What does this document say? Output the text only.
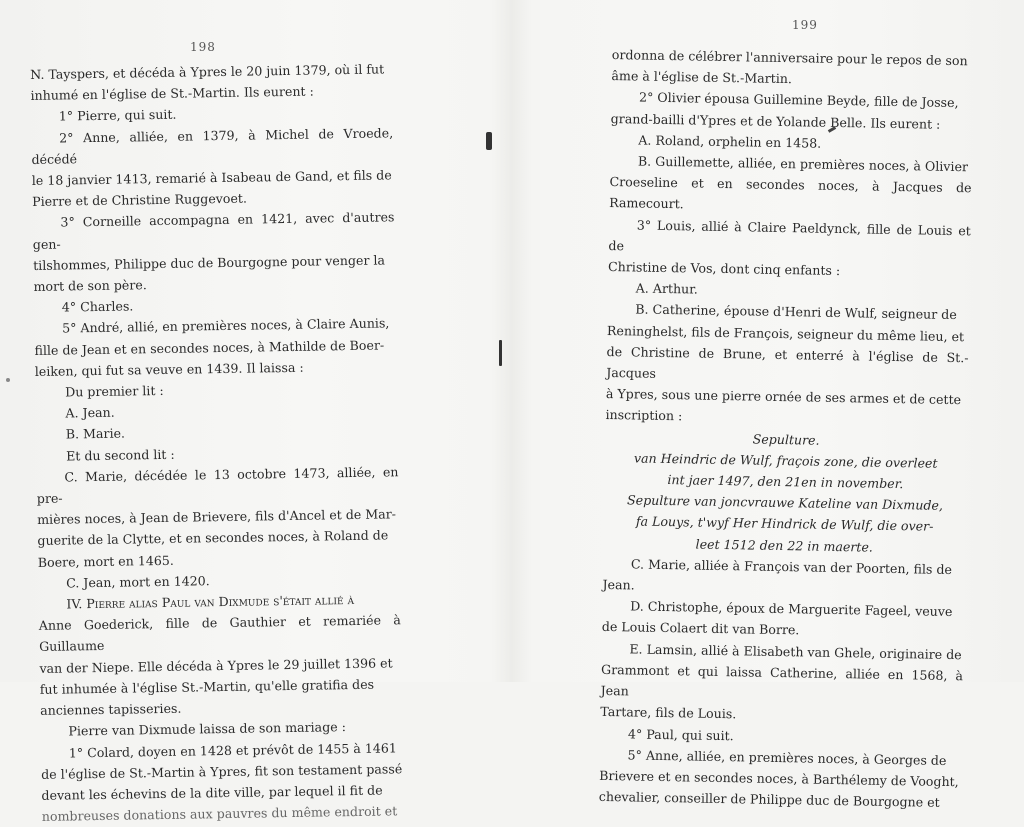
198

N. Tayspers, et décéda à Ypres le 20 juin 1379, où il fut

inhumé en l'église de St.-Martin. Ils eurent :

1° Pierre, qui suit.

2° Anne, alliée, en 1379, à Michel de Vroede, décédé

le 18 janvier 1413, remarié à Isabeau de Gand, et fils de

Pierre et de Christine Ruggevoet.

3° Corneille accompagna en 1421, avec d'autres gen-

tilshommes, Philippe duc de Bourgogne pour venger la

mort de son père.

4° Charles.

5° André, allié, en premières noces, à Claire Aunis,

fille de Jean et en secondes noces, à Mathilde de Boer-

leiken, qui fut sa veuve en 1439. Il laissa :

Du premier lit :

A. Jean.

B. Marie.

Et du second lit :

C. Marie, décédée le 13 octobre 1473, alliée, en pre-

mières noces, à Jean de Brievere, fils d'Ancel et de Mar-

guerite de la Clytte, et en secondes noces, à Roland de

Boere, mort en 1465.

C. Jean, mort en 1420.

IV. Pierre alias Paul van Dixmude s'était allié à

Anne Goederick, fille de Gauthier et remariée à Guillaume

van der Niepe. Elle décéda à Ypres le 29 juillet 1396 et

fut inhumée à l'église St.-Martin, qu'elle gratifia des

anciennes tapisseries.

Pierre van Dixmude laissa de son mariage :

1° Colard, doyen en 1428 et prévôt de 1455 à 1461

de l'église de St.-Martin à Ypres, fit son testament passé

devant les échevins de la dite ville, par lequel il fit de

nombreuses donations aux pauvres du même endroit et

199

ordonna de célébrer l'anniversaire pour le repos de son

âme à l'église de St.-Martin.

2° Olivier épousa Guillemine Beyde, fille de Josse,

grand-bailli d'Ypres et de Yolande Belle. Ils eurent :

A. Roland, orphelin en 1458.

B. Guillemette, alliée, en premières noces, à Olivier

Croeseline et en secondes noces, à Jacques de Ramecourt.

3° Louis, allié à Claire Paeldynck, fille de Louis et de

Christine de Vos, dont cinq enfants :

A. Arthur.

B. Catherine, épouse d'Henri de Wulf, seigneur de

Reninghelst, fils de François, seigneur du même lieu, et

de Christine de Brune, et enterré à l'église de St.-Jacques

à Ypres, sous une pierre ornée de ses armes et de cette

inscription :

Sepulture.

van Heindric de Wulf, fraçois zone, die overleet

int jaer 1497, den 21en in november.

Sepulture van joncvrauwe Kateline van Dixmude,

fa Louys, t'wyf Her Hindrick de Wulf, die over-

leet 1512 den 22 in maerte.

C. Marie, alliée à François van der Poorten, fils de

Jean.

D. Christophe, époux de Marguerite Fageel, veuve

de Louis Colaert dit van Borre.

E. Lamsin, allié à Elisabeth van Ghele, originaire de

Grammont et qui laissa Catherine, alliée en 1568, à Jean

Tartare, fils de Louis.

4° Paul, qui suit.

5° Anne, alliée, en premières noces, à Georges de

Brievere et en secondes noces, à Barthélemy de Vooght,

chevalier, conseiller de Philippe duc de Bourgogne et
